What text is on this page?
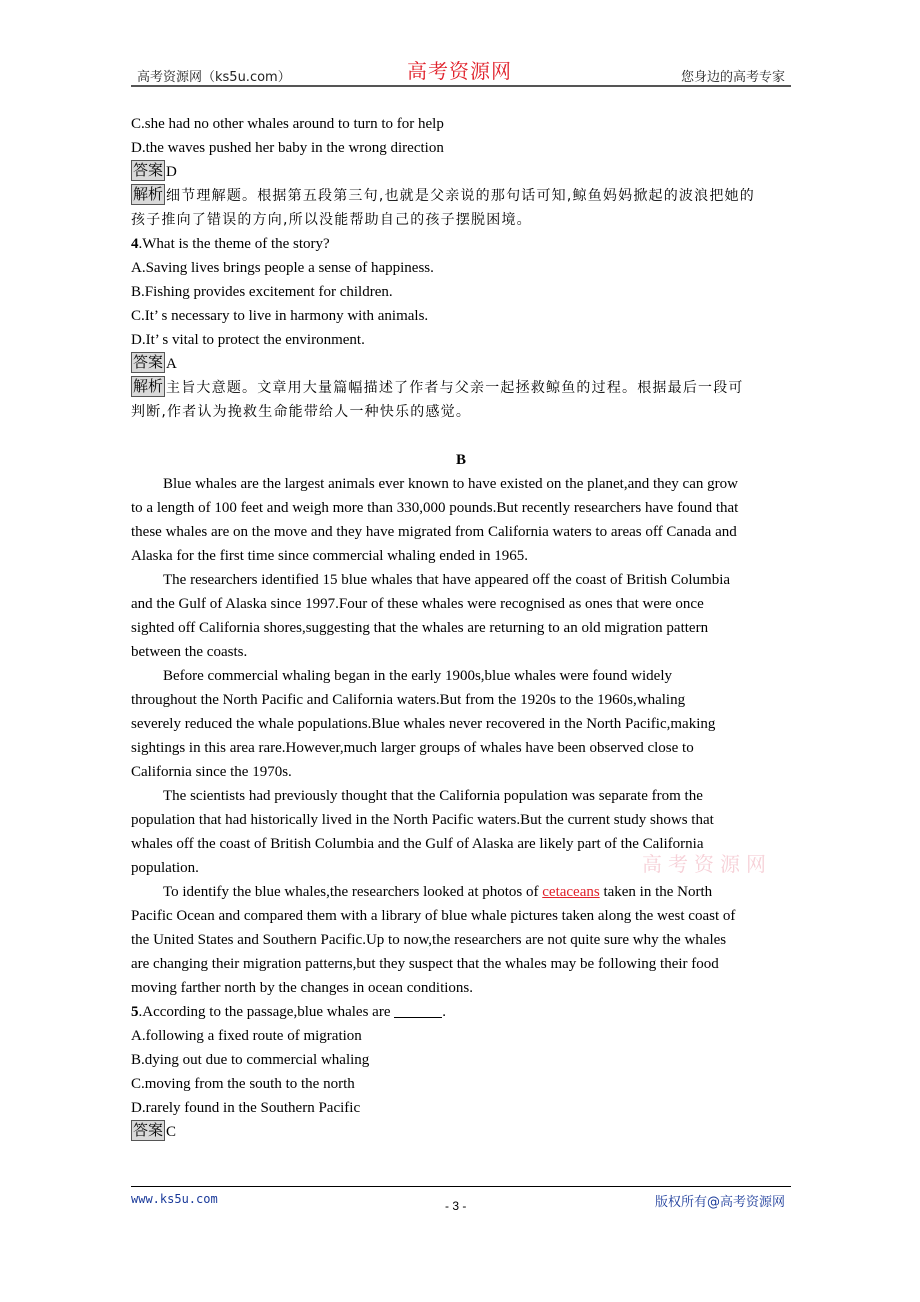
高考资源网（ks5u.com）	高考资源网	您身边的高考专家
C.she had no other whales around to turn to for help
D.the waves pushed her baby in the wrong direction
答案 D
解析 细节理解题。根据第五段第三句,也就是父亲说的那句话可知,鲸鱼妈妈掀起的波浪把她的
孩子推向了错误的方向,所以没能帮助自己的孩子摆脱困境。
4.What is the theme of the story?
A.Saving lives brings people a sense of happiness.
B.Fishing provides excitement for children.
C.It’ s necessary to live in harmony with animals.
D.It’ s vital to protect the environment.
答案 A
解析 主旨大意题。文章用大量篇幅描述了作者与父亲一起拯救鲸鱼的过程。根据最后一段可
判断,作者认为挽救生命能带给人一种快乐的感觉。
B
Blue whales are the largest animals ever known to have existed on the planet,and they can grow
to a length of 100 feet and weigh more than 330,000 pounds.But recently researchers have found that
these whales are on the move and they have migrated from California waters to areas off Canada and
Alaska for the first time since commercial whaling ended in 1965.
The researchers identified 15 blue whales that have appeared off the coast of British Columbia
and the Gulf of Alaska since 1997.Four of these whales were recognised as ones that were once
sighted off California shores,suggesting that the whales are returning to an old migration pattern
between the coasts.
Before commercial whaling began in the early 1900s,blue whales were found widely
throughout the North Pacific and California waters.But from the 1920s to the 1960s,whaling
severely reduced the whale populations.Blue whales never recovered in the North Pacific,making
sightings in this area rare.However,much larger groups of whales have been observed close to
California since the 1970s.
The scientists had previously thought that the California population was separate from the
population that had historically lived in the North Pacific waters.But the current study shows that
whales off the coast of British Columbia and the Gulf of Alaska are likely part of the California
population.
To identify the blue whales,the researchers looked at photos of cetaceans taken in the North
Pacific Ocean and compared them with a library of blue whale pictures taken along the west coast of
the United States and Southern Pacific.Up to now,the researchers are not quite sure why the whales
are changing their migration patterns,but they suspect that the whales may be following their food
moving farther north by the changes in ocean conditions.
5.According to the passage,blue whales are	.
A.following a fixed route of migration
B.dying out due to commercial whaling
C.moving from the south to the north
D.rarely found in the Southern Pacific
答案 C
高考资源网
www.ks5u.com	- 3 -	版权所有@高考资源网
